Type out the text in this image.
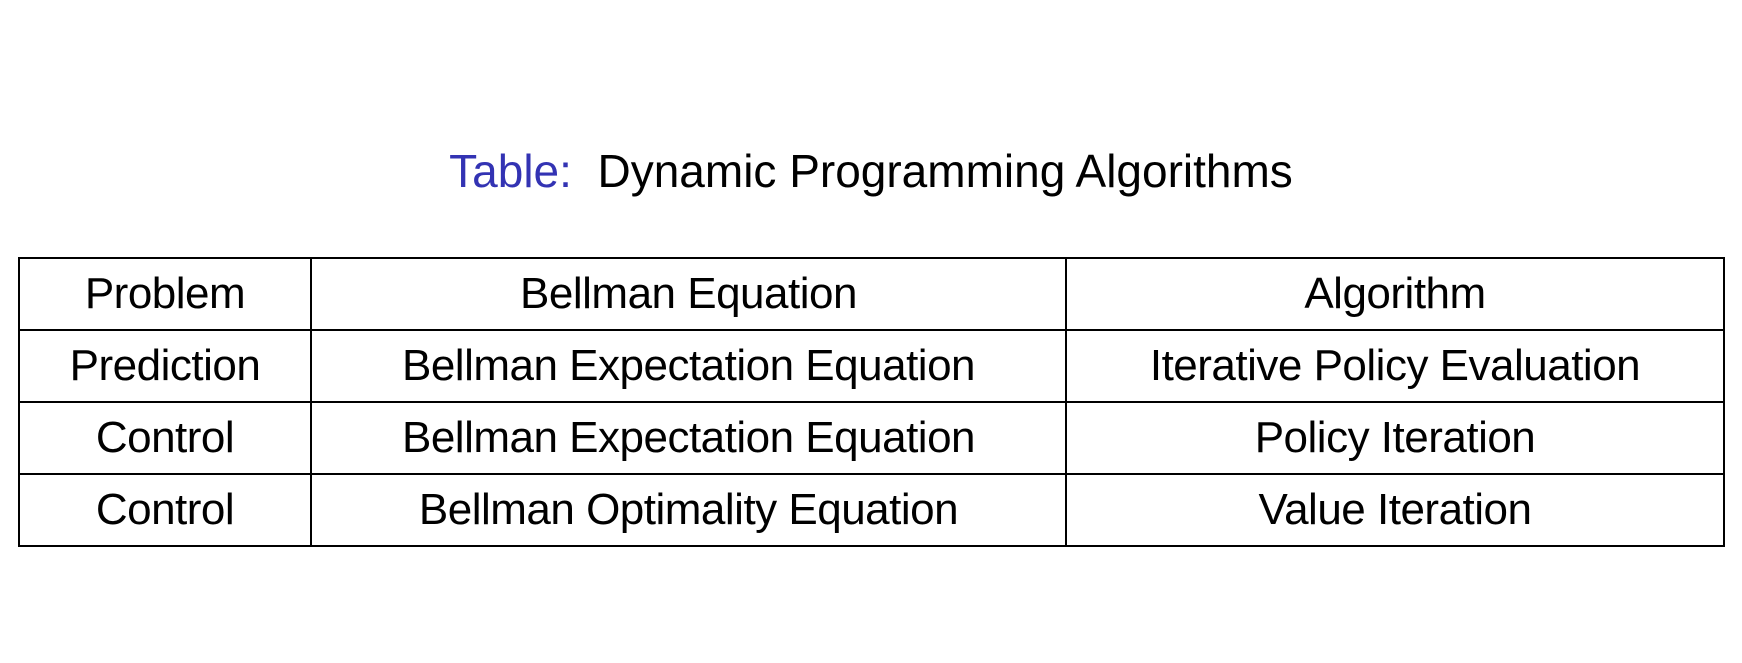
Table: Dynamic Programming Algorithms
Problem	Bellman Equation	Algorithm
Prediction	Bellman Expectation Equation	Iterative Policy Evaluation
Control	Bellman Expectation Equation	Policy Iteration
Control	Bellman Optimality Equation	Value Iteration
